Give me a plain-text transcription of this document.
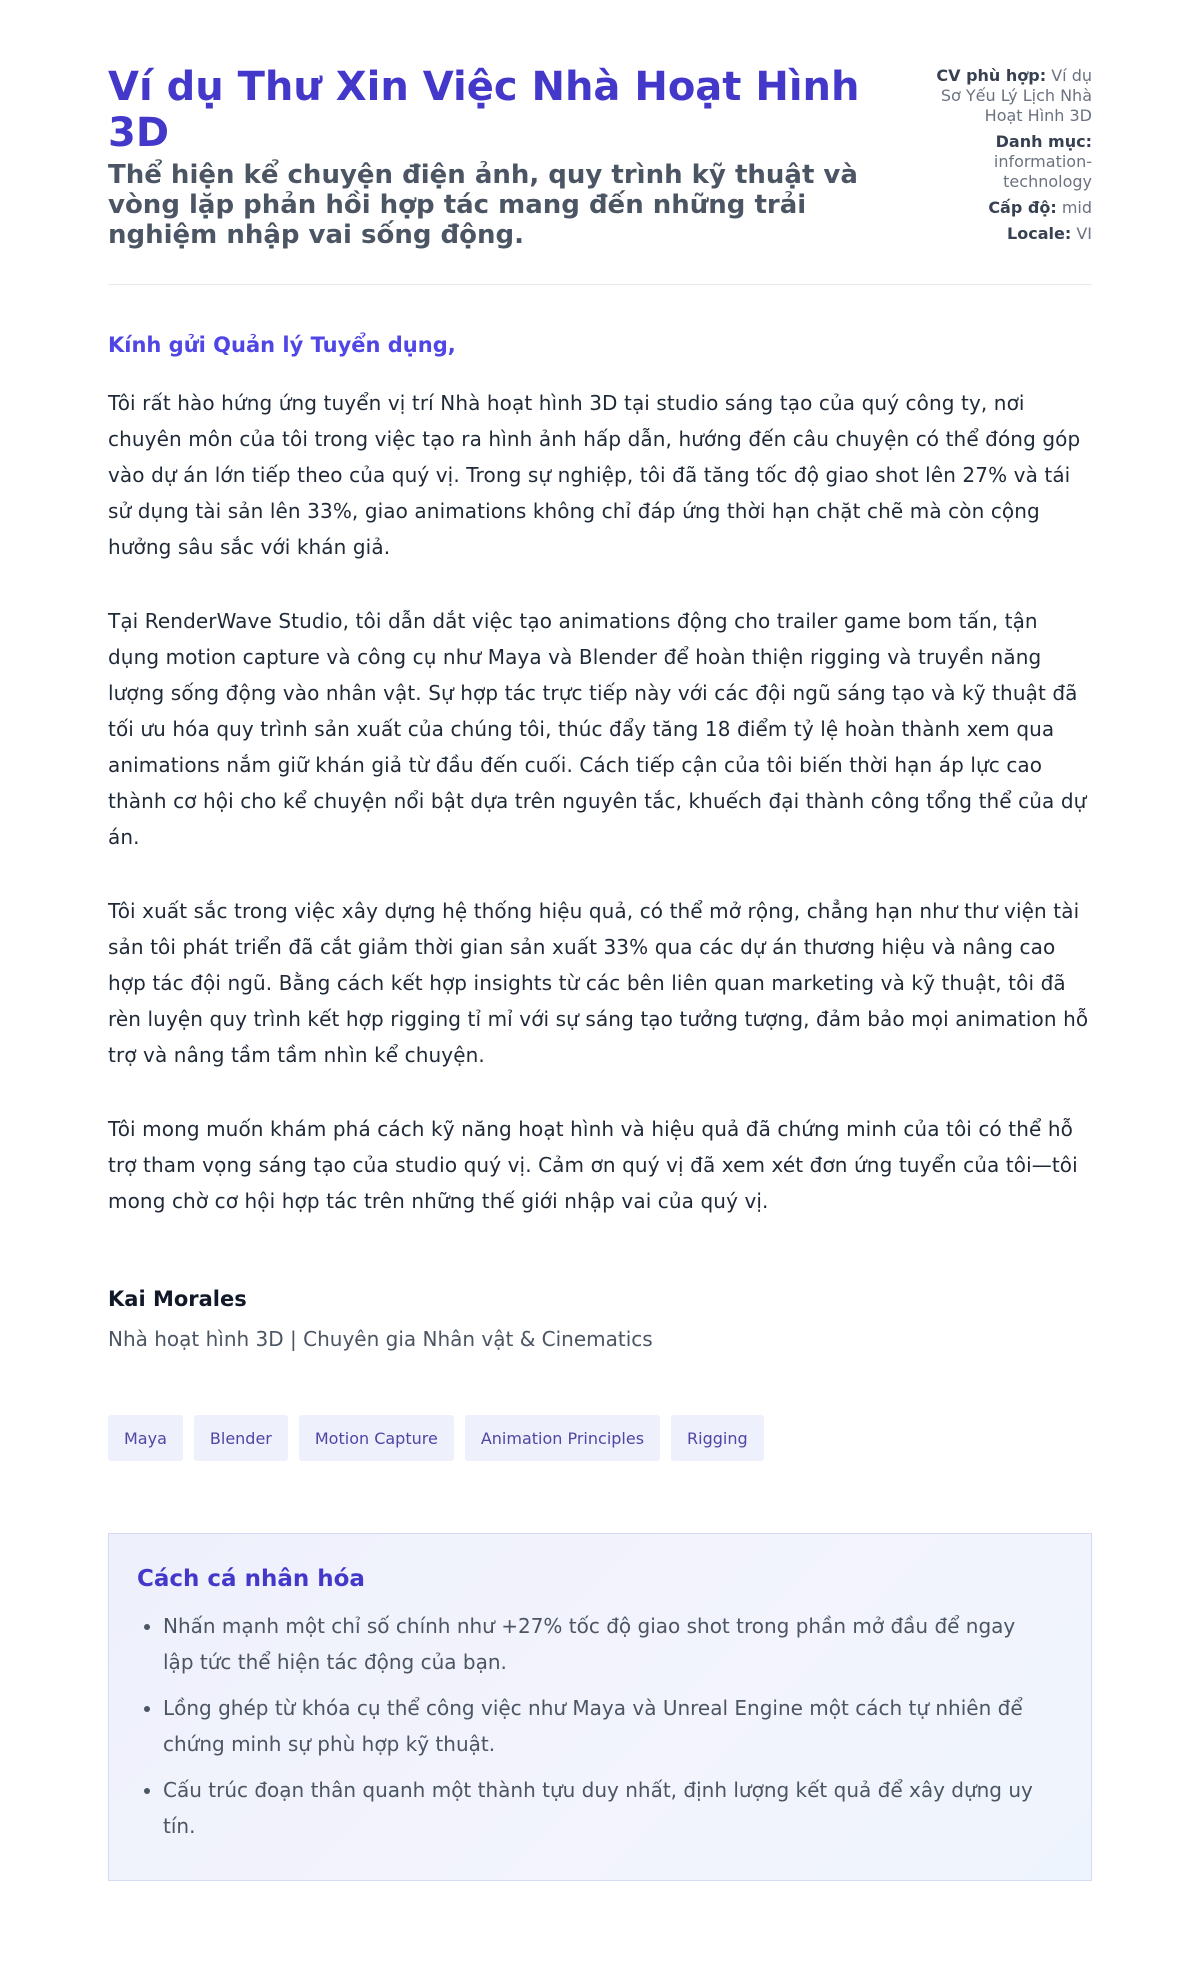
Ví dụ Thư Xin Việc Nhà Hoạt Hình 3D
Thể hiện kể chuyện điện ảnh, quy trình kỹ thuật và vòng lặp phản hồi hợp tác mang đến những trải nghiệm nhập vai sống động.
CV phù hợp: Ví dụ Sơ Yếu Lý Lịch Nhà Hoạt Hình 3D
Danh mục:
information-technology
Cấp độ: mid
Locale: VI

Kính gửi Quản lý Tuyển dụng,

Tôi rất hào hứng ứng tuyển vị trí Nhà hoạt hình 3D tại studio sáng tạo của quý công ty, nơi chuyên môn của tôi trong việc tạo ra hình ảnh hấp dẫn, hướng đến câu chuyện có thể đóng góp vào dự án lớn tiếp theo của quý vị. Trong sự nghiệp, tôi đã tăng tốc độ giao shot lên 27% và tái sử dụng tài sản lên 33%, giao animations không chỉ đáp ứng thời hạn chặt chẽ mà còn cộng hưởng sâu sắc với khán giả.

Tại RenderWave Studio, tôi dẫn dắt việc tạo animations động cho trailer game bom tấn, tận dụng motion capture và công cụ như Maya và Blender để hoàn thiện rigging và truyền năng lượng sống động vào nhân vật. Sự hợp tác trực tiếp này với các đội ngũ sáng tạo và kỹ thuật đã tối ưu hóa quy trình sản xuất của chúng tôi, thúc đẩy tăng 18 điểm tỷ lệ hoàn thành xem qua animations nắm giữ khán giả từ đầu đến cuối. Cách tiếp cận của tôi biến thời hạn áp lực cao thành cơ hội cho kể chuyện nổi bật dựa trên nguyên tắc, khuếch đại thành công tổng thể của dự án.

Tôi xuất sắc trong việc xây dựng hệ thống hiệu quả, có thể mở rộng, chẳng hạn như thư viện tài sản tôi phát triển đã cắt giảm thời gian sản xuất 33% qua các dự án thương hiệu và nâng cao hợp tác đội ngũ. Bằng cách kết hợp insights từ các bên liên quan marketing và kỹ thuật, tôi đã rèn luyện quy trình kết hợp rigging tỉ mỉ với sự sáng tạo tưởng tượng, đảm bảo mọi animation hỗ trợ và nâng tầm tầm nhìn kể chuyện.

Tôi mong muốn khám phá cách kỹ năng hoạt hình và hiệu quả đã chứng minh của tôi có thể hỗ trợ tham vọng sáng tạo của studio quý vị. Cảm ơn quý vị đã xem xét đơn ứng tuyển của tôi—tôi mong chờ cơ hội hợp tác trên những thế giới nhập vai của quý vị.

Kai Morales

Nhà hoạt hình 3D | Chuyên gia Nhân vật & Cinematics

Maya	Blender	Motion Capture	Animation Principles	Rigging
Cách cá nhân hóa
• Nhấn mạnh một chỉ số chính như +27% tốc độ giao shot trong phần mở đầu để ngay lập tức thể hiện tác động của bạn.
• Lồng ghép từ khóa cụ thể công việc như Maya và Unreal Engine một cách tự nhiên để chứng minh sự phù hợp kỹ thuật.
• Cấu trúc đoạn thân quanh một thành tựu duy nhất, định lượng kết quả để xây dựng uy tín.
